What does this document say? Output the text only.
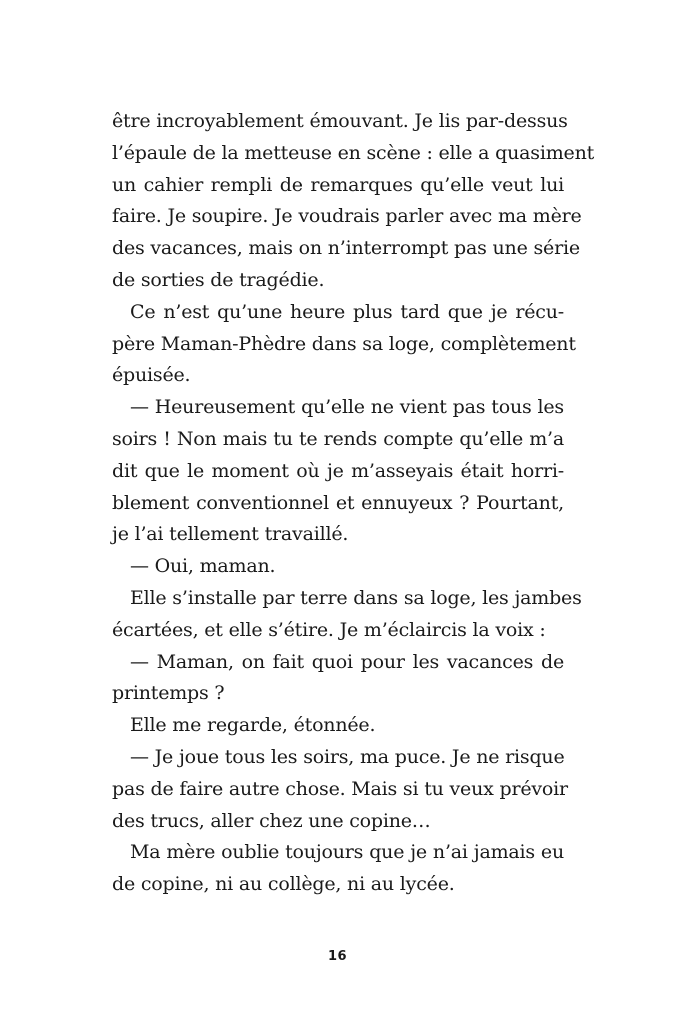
être incroyablement émouvant. Je lis par-dessus
l’épaule de la metteuse en scène : elle a quasiment
un cahier rempli de remarques qu’elle veut lui
faire. Je soupire. Je voudrais parler avec ma mère
des vacances, mais on n’interrompt pas une série
de sorties de tragédie.
Ce n’est qu’une heure plus tard que je récu-
père Maman-Phèdre dans sa loge, complètement
épuisée.
— Heureusement qu’elle ne vient pas tous les
soirs ! Non mais tu te rends compte qu’elle m’a
dit que le moment où je m’asseyais était horri-
blement conventionnel et ennuyeux ? Pourtant,
je l’ai tellement travaillé.
— Oui, maman.
Elle s’installe par terre dans sa loge, les jambes
écartées, et elle s’étire. Je m’éclaircis la voix :
— Maman, on fait quoi pour les vacances de
printemps ?
Elle me regarde, étonnée.
— Je joue tous les soirs, ma puce. Je ne risque
pas de faire autre chose. Mais si tu veux prévoir
des trucs, aller chez une copine…
Ma mère oublie toujours que je n’ai jamais eu
de copine, ni au collège, ni au lycée.
16
